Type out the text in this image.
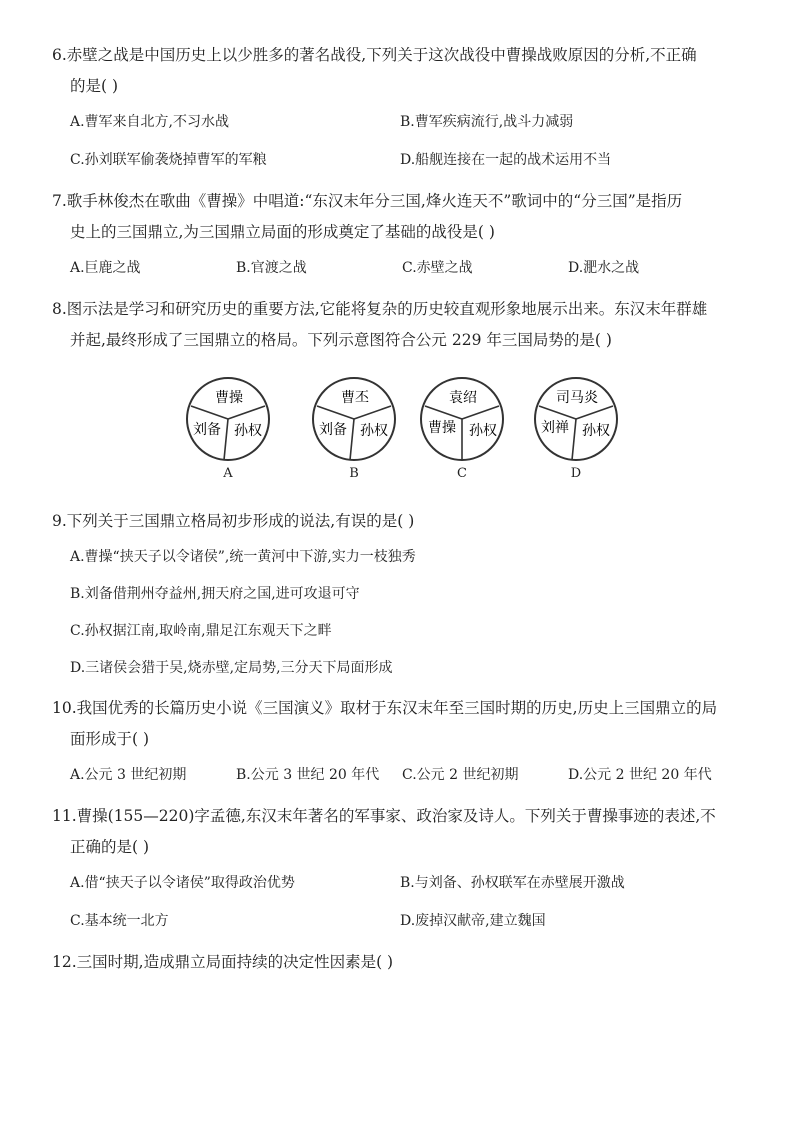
6.赤壁之战是中国历史上以少胜多的著名战役,下列关于这次战役中曹操战败原因的分析,不正确
的是( )
A.曹军来自北方,不习水战	B.曹军疾病流行,战斗力减弱
C.孙刘联军偷袭烧掉曹军的军粮	D.船舰连接在一起的战术运用不当
7.歌手林俊杰在歌曲《曹操》中唱道:“东汉末年分三国,烽火连天不”歌词中的“分三国”是指历
史上的三国鼎立,为三国鼎立局面的形成奠定了基础的战役是( )
A.巨鹿之战	B.官渡之战	C.赤壁之战	D.淝水之战
8.图示法是学习和研究历史的重要方法,它能将复杂的历史较直观形象地展示出来。东汉末年群雄
并起,最终形成了三国鼎立的格局。下列示意图符合公元 229 年三国局势的是( )
曹操
刘备 孙权
A
曹丕
刘备 孙权
B
袁绍
曹操 孙权
C
司马炎
刘禅 孙权
D
9.下列关于三国鼎立格局初步形成的说法,有误的是( )
A.曹操“挟天子以令诸侯”,统一黄河中下游,实力一枝独秀
B.刘备借荆州夺益州,拥天府之国,进可攻退可守
C.孙权据江南,取岭南,鼎足江东观天下之畔
D.三诸侯会猎于吴,烧赤壁,定局势,三分天下局面形成
10.我国优秀的长篇历史小说《三国演义》取材于东汉末年至三国时期的历史,历史上三国鼎立的局
面形成于( )
A.公元 3 世纪初期	B.公元 3 世纪 20 年代	C.公元 2 世纪初期	D.公元 2 世纪 20 年代
11.曹操(155—220)字孟德,东汉末年著名的军事家、政治家及诗人。下列关于曹操事迹的表述,不
正确的是( )
A.借“挟天子以令诸侯”取得政治优势	B.与刘备、孙权联军在赤壁展开激战
C.基本统一北方	D.废掉汉献帝,建立魏国
12.三国时期,造成鼎立局面持续的决定性因素是( )
